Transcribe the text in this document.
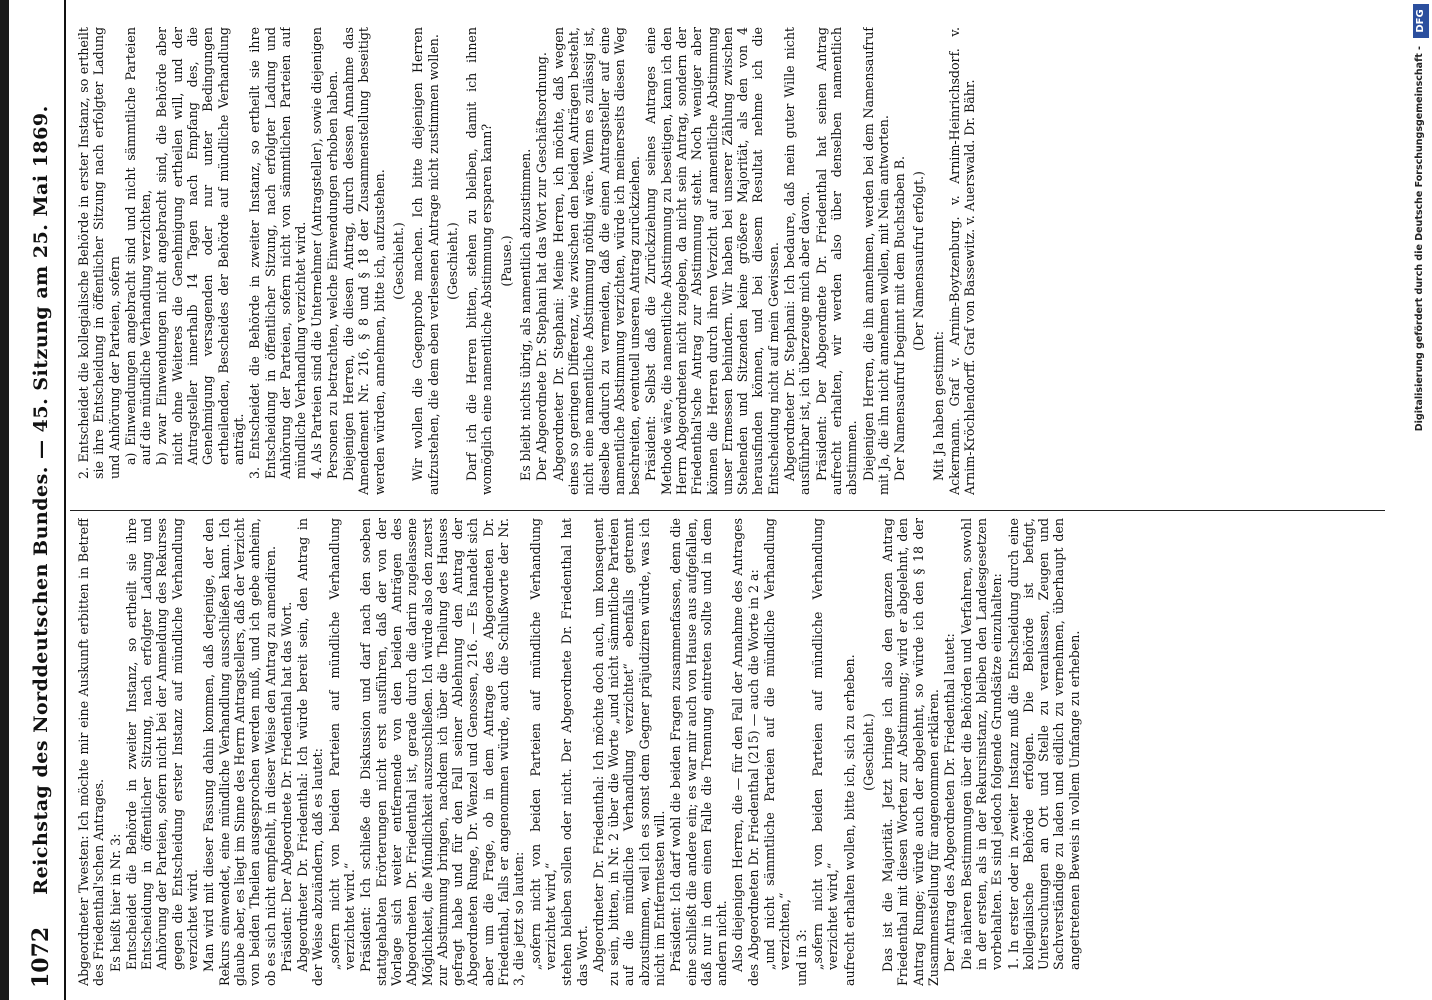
1072
Reichstag des Norddeutschen Bundes. — 45. Sitzung am 25. Mai 1869. Abgeordneter Twesten: Ich möchte mir eine Auskunft erbitten in Betreff des Friedenthal'schen Antrages. Es heißt hier in Nr. 3: Entscheidet die Behörde in zweiter Instanz, so ertheilt sie ihre Entscheidung in öffentlicher Sitzung, nach erfolgter Ladung und Anhörung der Parteien, sofern nicht bei der Anmeldung des Rekurses gegen die Entscheidung erster Instanz auf mündliche Verhandlung verzichtet wird. Man wird mit dieser Fassung dahin kommen, daß derjenige, der den Rekurs einwendet, eine mündliche Verhandlung ausschließen kann. Ich glaube aber, es liegt im Sinne des Herrn Antragstellers, daß der Verzicht von beiden Theilen ausgesprochen werden muß, und ich gebe anheim, ob es sich nicht empfiehlt, in dieser Weise den Antrag zu amendiren. Präsident: Der Abgeordnete Dr. Friedenthal hat das Wort. Abgeordneter Dr. Friedenthal: Ich würde bereit sein, den Antrag in der Weise abzuändern, daß es lautet: „sofern nicht von beiden Parteien auf mündliche Verhandlung verzichtet wird.“ Präsident: Ich schließe die Diskussion und darf nach den soeben stattgehabten Erörterungen nicht erst ausführen, daß der von der Vorlage sich weiter entfernende von den beiden Anträgen des Abgeordneten Dr. Friedenthal ist, gerade durch die darin zugelassene Möglichkeit, die Mündlichkeit auszuschließen. Ich würde also den zuerst zur Abstimmung bringen, nachdem ich über die Theilung des Hauses gefragt habe und für den Fall seiner Ablehnung den Antrag der Abgeordneten Runge, Dr. Wenzel und Genossen, 216. — Es handelt sich aber um die Frage, ob in dem Antrage des Abgeordneten Dr. Friedenthal, falls er angenommen würde, auch die Schlußworte der Nr. 3, die jetzt so lauten: „sofern nicht von beiden Parteien auf mündliche Verhandlung verzichtet wird,“ stehen bleiben sollen oder nicht. Der Abgeordnete Dr. Friedenthal hat das Wort. Abgeordneter Dr. Friedenthal: Ich möchte doch auch, um konsequent zu sein, bitten, in Nr. 2 über die Worte „und nicht sämmtliche Parteien auf die mündliche Verhandlung verzichtet“ ebenfalls getrennt abzustimmen, weil ich es sonst dem Gegner präjudiziren würde, was ich nicht im Entferntesten will. Präsident: Ich darf wohl die beiden Fragen zusammenfassen, denn die eine schließt die andere ein; es war mir auch von Hause aus aufgefallen, daß nur in dem einen Falle die Trennung eintreten sollte und in dem andern nicht. Also diejenigen Herren, die — für den Fall der Annahme des Antrages des Abgeordneten Dr. Friedenthal (215) — auch die Worte in 2 a: „und nicht sämmtliche Parteien auf die mündliche Verhandlung verzichten,“ und in 3: „sofern nicht von beiden Parteien auf mündliche Verhandlung verzichtet wird,“ aufrecht erhalten wollen, bitte ich, sich zu erheben. (Geschieht.) Das ist die Majorität. Jetzt bringe ich also den ganzen Antrag Friedenthal mit diesen Worten zur Abstimmung; wird er abgelehnt, den Antrag Runge; würde auch der abgelehnt, so würde ich den § 18 der Zusammenstellung für angenommen erklären. Der Antrag des Abgeordneten Dr. Friedenthal lautet: Die näheren Bestimmungen über die Behörden und Verfahren, sowohl in der ersten, als in der Rekursinstanz, bleiben den Landesgesetzen vorbehalten. Es sind jedoch folgende Grundsätze einzuhalten: 1. In erster oder in zweiter Instanz muß die Entscheidung durch eine kollegialische Behörde erfolgen. Die Behörde ist befugt, Untersuchungen an Ort und Stelle zu veranlassen, Zeugen und Sachverständige zu laden und eidlich zu vernehmen, überhaupt den angetretenen Beweis in vollem Umfange zu erheben.

2. Entscheidet die kollegialische Behörde in erster Instanz, so ertheilt sie ihre Entscheidung in öffentlicher Sitzung nach erfolgter Ladung und Anhörung der Parteien, sofern a) Einwendungen angebracht sind und nicht sämmtliche Parteien auf die mündliche Verhandlung verzichten, b) zwar Einwendungen nicht angebracht sind, die Behörde aber nicht ohne Weiteres die Genehmigung ertheilen will, und der Antragsteller innerhalb 14 Tagen nach Empfang des, die Genehmigung versagenden oder nur unter Bedingungen ertheilenden, Bescheides der Behörde auf mündliche Verhandlung anträgt. 3. Entscheidet die Behörde in zweiter Instanz, so ertheilt sie ihre Entscheidung in öffentlicher Sitzung, nach erfolgter Ladung und Anhörung der Parteien, sofern nicht von sämmtlichen Parteien auf mündliche Verhandlung verzichtet wird. 4. Als Parteien sind die Unternehmer (Antragsteller), sowie diejenigen Personen zu betrachten, welche Einwendungen erhoben haben. Diejenigen Herren, die diesen Antrag, durch dessen Annahme das Amendement Nr. 216, § 8 und § 18 der Zusammenstellung beseitigt werden würden, annehmen, bitte ich, aufzustehen. (Geschieht.) Wir wollen die Gegenprobe machen. Ich bitte diejenigen Herren aufzustehen, die dem eben verlesenen Antrage nicht zustimmen wollen. (Geschieht.) Darf ich die Herren bitten, stehen zu bleiben, damit ich ihnen womöglich eine namentliche Abstimmung ersparen kann? (Pause.) Es bleibt nichts übrig, als namentlich abzustimmen. Der Abgeordnete Dr. Stephani hat das Wort zur Geschäftsordnung. Abgeordneter Dr. Stephani: Meine Herren, ich möchte, daß wegen eines so geringen Differenz, wie zwischen den beiden Anträgen besteht, nicht eine namentliche Abstimmung nöthig wäre. Wenn es zulässig ist, dieselbe dadurch zu vermeiden, daß die einen Antragsteller auf eine namentliche Abstimmung verzichten, würde ich meinerseits diesen Weg beschreiten, eventuell unseren Antrag zurückziehen. Präsident: Selbst daß die Zurückziehung seines Antrages eine Methode wäre, die namentliche Abstimmung zu beseitigen, kann ich den Herrn Abgeordneten nicht zugeben, da nicht sein Antrag, sondern der Friedenthal'sche Antrag zur Abstimmung steht. Noch weniger aber können die Herren durch ihren Verzicht auf namentliche Abstimmung unser Ermessen behindern. Wir haben bei unserer Zählung zwischen Stehenden und Sitzenden keine größere Majorität, als den von 4 herausfinden können, und bei diesem Resultat nehme ich die Entscheidung nicht auf mein Gewissen. Abgeordneter Dr. Stephani: Ich bedaure, daß mein guter Wille nicht ausführbar ist, ich überzeuge mich aber davon. Präsident: Der Abgeordnete Dr. Friedenthal hat seinen Antrag aufrecht erhalten, wir werden also über denselben namentlich abstimmen. Diejenigen Herren, die ihn annehmen, werden bei dem Namensaufruf mit Ja, die ihn nicht annehmen wollen, mit Nein antworten. Der Namensaufruf beginnt mit dem Buchstaben B. (Der Namensaufruf erfolgt.)

Mit Ja haben gestimmt: Ackermann. Graf v. Arnim-Boytzenburg. v. Arnim-Heinrichsdorf. v. Arnim-Kröchlendorff. Graf von Bassewitz. v. Auerswald. Dr. Bähr.	Digitalisierung gefördert durch die Deutsche Forschungsgemeinschaft -
DFG
